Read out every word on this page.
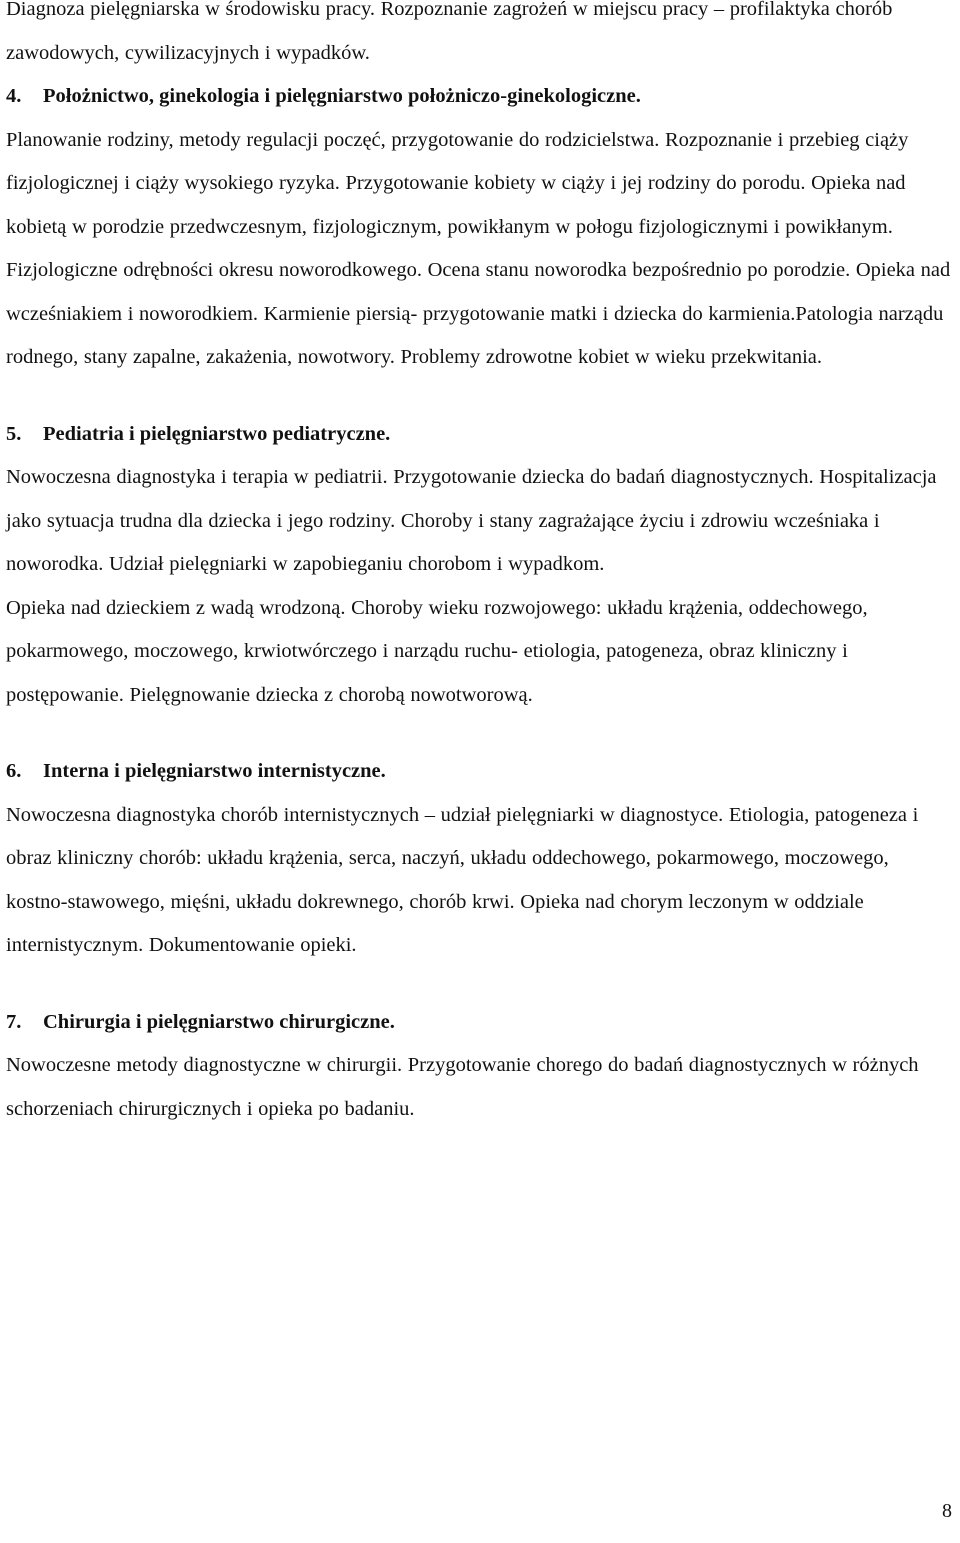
Diagnoza pielęgniarska w środowisku pracy. Rozpoznanie zagrożeń w miejscu pracy – profilaktyka chorób zawodowych, cywilizacyjnych i wypadków.

4. Położnictwo, ginekologia i pielęgniarstwo położniczo-ginekologiczne.

Planowanie rodziny, metody regulacji poczęć, przygotowanie do rodzicielstwa. Rozpoznanie i przebieg ciąży fizjologicznej i ciąży wysokiego ryzyka. Przygotowanie kobiety w ciąży i jej rodziny do porodu. Opieka nad kobietą w porodzie przedwczesnym, fizjologicznym, powikłanym w połogu fizjologicznymi i powikłanym. Fizjologiczne odrębności okresu noworodkowego. Ocena stanu noworodka bezpośrednio po porodzie. Opieka nad wcześniakiem i noworodkiem. Karmienie piersią- przygotowanie matki i dziecka do karmienia.Patologia narządu rodnego, stany zapalne, zakażenia, nowotwory. Problemy zdrowotne kobiet w wieku przekwitania.

5. Pediatria i pielęgniarstwo pediatryczne.

Nowoczesna diagnostyka i terapia w pediatrii. Przygotowanie dziecka do badań diagnostycznych. Hospitalizacja jako sytuacja trudna dla dziecka i jego rodziny. Choroby i stany zagrażające życiu i zdrowiu wcześniaka i noworodka. Udział pielęgniarki w zapobieganiu chorobom i wypadkom.

Opieka nad dzieckiem z wadą wrodzoną. Choroby wieku rozwojowego: układu krążenia, oddechowego, pokarmowego, moczowego, krwiotwórczego i narządu ruchu- etiologia, patogeneza, obraz kliniczny i postępowanie. Pielęgnowanie dziecka z chorobą nowotworową.

6. Interna i pielęgniarstwo internistyczne.

Nowoczesna diagnostyka chorób internistycznych – udział pielęgniarki w diagnostyce. Etiologia, patogeneza i obraz kliniczny chorób: układu krążenia, serca, naczyń, układu oddechowego, pokarmowego, moczowego, kostno-stawowego, mięśni, układu dokrewnego, chorób krwi. Opieka nad chorym leczonym w oddziale internistycznym. Dokumentowanie opieki.

7. Chirurgia i pielęgniarstwo chirurgiczne.

Nowoczesne metody diagnostyczne w chirurgii. Przygotowanie chorego do badań diagnostycznych w różnych schorzeniach chirurgicznych i opieka po badaniu.

8
